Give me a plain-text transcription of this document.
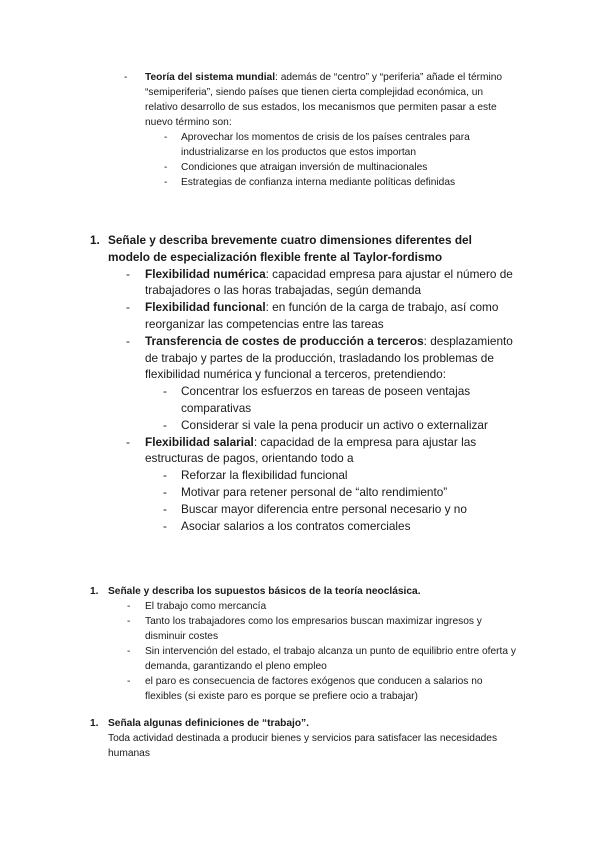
- Teoría del sistema mundial: además de “centro” y “periferia” añade el término “semiperiferia”, siendo países que tienen cierta complejidad económica, un relativo desarrollo de sus estados, los mecanismos que permiten pasar a este nuevo término son:
- Aprovechar los momentos de crisis de los países centrales para industrializarse en los productos que estos importan
- Condiciones que atraigan inversión de multinacionales
- Estrategias de confianza interna mediante políticas definidas
1. Señale y describa brevemente cuatro dimensiones diferentes del modelo de especialización flexible frente al Taylor-fordismo
- Flexibilidad numérica: capacidad empresa para ajustar el número de trabajadores o las horas trabajadas, según demanda
- Flexibilidad funcional: en función de la carga de trabajo, así como reorganizar las competencias entre las tareas
- Transferencia de costes de producción a terceros: desplazamiento de trabajo y partes de la producción, trasladando los problemas de flexibilidad numérica y funcional a terceros, pretendiendo:
- Concentrar los esfuerzos en tareas de poseen ventajas comparativas
- Considerar si vale la pena producir un activo o externalizar
- Flexibilidad salarial: capacidad de la empresa para ajustar las estructuras de pagos, orientando todo a
- Reforzar la flexibilidad funcional
- Motivar para retener personal de “alto rendimiento”
- Buscar mayor diferencia entre personal necesario y no
- Asociar salarios a los contratos comerciales
1. Señale y describa los supuestos básicos de la teoría neoclásica.
- El trabajo como mercancía
- Tanto los trabajadores como los empresarios buscan maximizar ingresos y disminuir costes
- Sin intervención del estado, el trabajo alcanza un punto de equilibrio entre oferta y demanda, garantizando el pleno empleo
- el paro es consecuencia de factores exógenos que conducen a salarios no flexibles (si existe paro es porque se prefiere ocio a trabajar)
1. Señala algunas definiciones de “trabajo”.
Toda actividad destinada a producir bienes y servicios para satisfacer las necesidades humanas
